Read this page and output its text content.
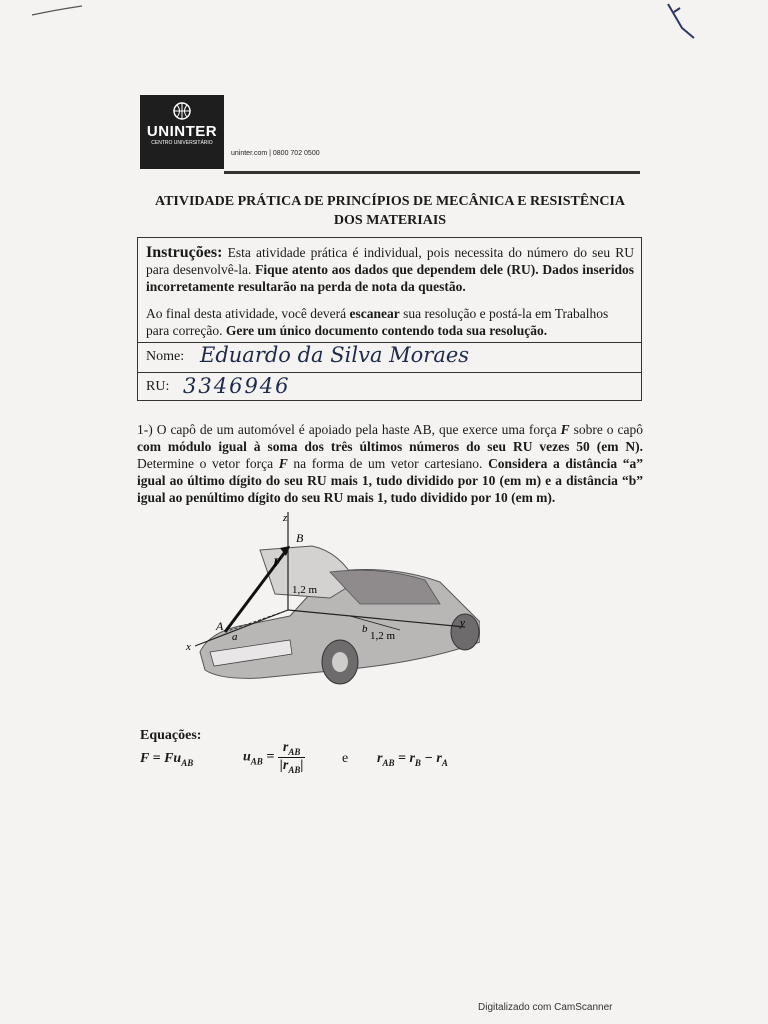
UNINTER
CENTRO UNIVERSITÁRIO
uninter.com | 0800 702 0500
ATIVIDADE PRÁTICA DE PRINCÍPIOS DE MECÂNICA E RESISTÊNCIA
DOS MATERIAIS
Instruções: Esta atividade prática é individual, pois necessita do número do seu RU para desenvolvê-la. Fique atento aos dados que dependem dele (RU). Dados inseridos incorretamente resultarão na perda de nota da questão.
Ao final desta atividade, você deverá escanear sua resolução e postá-la em Trabalhos para correção. Gere um único documento contendo toda sua resolução.
Nome: Eduardo da Silva Moraes
RU: 3346946
1-) O capô de um automóvel é apoiado pela haste AB, que exerce uma força F sobre o capô com módulo igual à soma dos três últimos números do seu RU vezes 50 (em N). Determine o vetor força F na forma de um vetor cartesiano. Considera a distância “a” igual ao último dígito do seu RU mais 1, tudo dividido por 10 (em m) e a distância “b” igual ao penúltimo dígito do seu RU mais 1, tudo dividido por 10 (em m).
z
B
F
1,2 m
A
a
b
1,2 m
x
y
Equações:
$F = Fu_{AB}$	$u_{AB} = \frac{r_{AB}}{|r_{AB}|}$	e $r_{AB} = r_B - r_A$
Digitalizado com CamScanner
